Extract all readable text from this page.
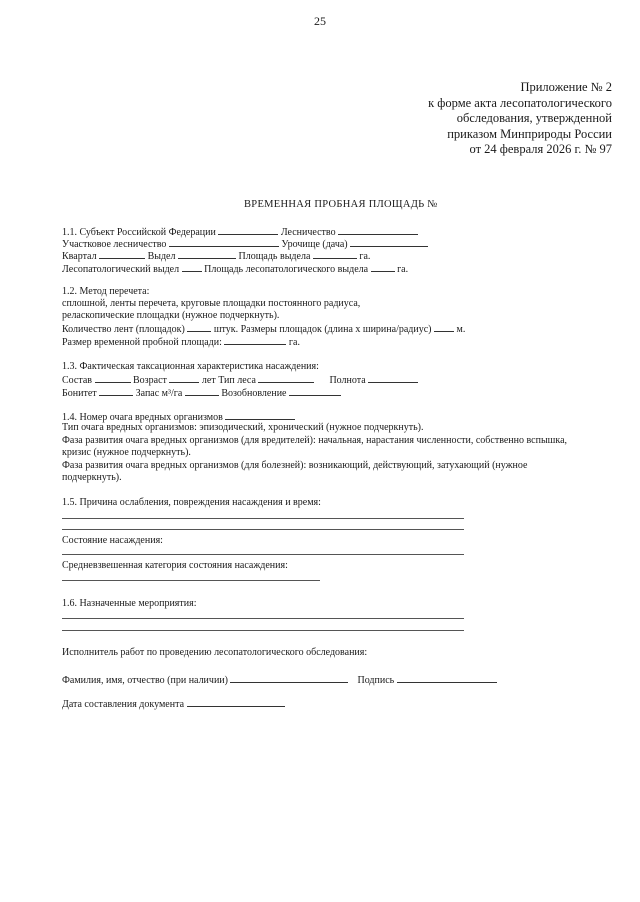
25
Приложение № 2
к форме акта лесопатологического
обследования, утвержденной
приказом Минприроды России
от 24 февраля 2026 г. № 97
ВРЕМЕННАЯ ПРОБНАЯ ПЛОЩАДЬ №
1.1. Субъект Российской Федерации	Лесничество
Участковое лесничество	Урочище (дача)
Квартал	Выдел	Площадь выдела	га.
Лесопатологический выдел	Площадь лесопатологического выдела	га.
1.2. Метод перечета:
сплошной, ленты перечета, круговые площадки постоянного радиуса,
реласкопические площадки (нужное подчеркнуть).
Количество лент (площадок)	штук. Размеры площадок (длина х ширина/радиус)	м.
Размер временной пробной площади:	га.
1.3. Фактическая таксационная характеристика насаждения:
Состав	Возраст	лет Тип леса	Полнота
Бонитет	Запас м³/га	Возобновление
1.4. Номер очага вредных организмов
Тип очага вредных организмов: эпизодический, хронический (нужное подчеркнуть).
Фаза развития очага вредных организмов (для вредителей): начальная, нарастания численности, собственно вспышка,
кризис (нужное подчеркнуть).
Фаза развития очага вредных организмов (для болезней): возникающий, действующий, затухающий (нужное
подчеркнуть).
1.5. Причина ослабления, повреждения насаждения и время:
Состояние насаждения:
Средневзвешенная категория состояния насаждения:
1.6. Назначенные мероприятия:
Исполнитель работ по проведению лесопатологического обследования:
Фамилия, имя, отчество (при наличии)	Подпись
Дата составления документа
